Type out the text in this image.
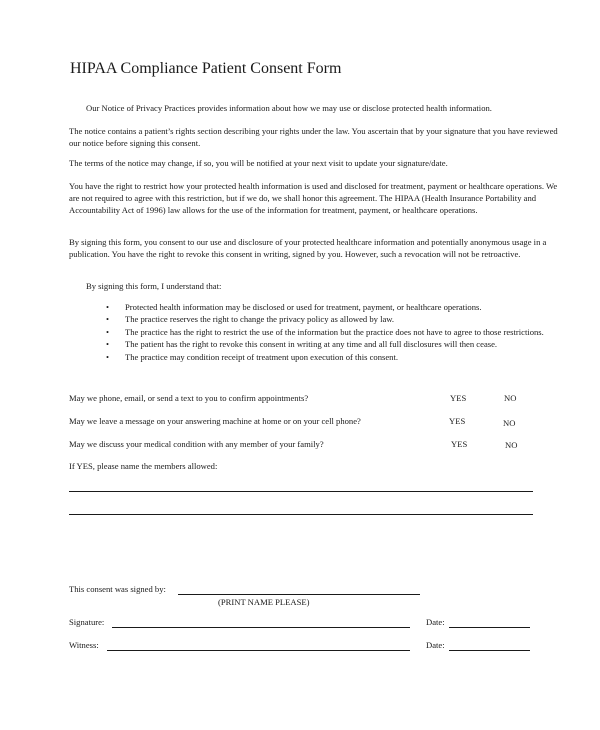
HIPAA Compliance Patient Consent Form
Our Notice of Privacy Practices provides information about how we may use or disclose protected health information.
The notice contains a patient’s rights section describing your rights under the law. You ascertain that by your signature that you have reviewed our notice before signing this consent.
The terms of the notice may change, if so, you will be notified at your next visit to update your signature/date.
You have the right to restrict how your protected health information is used and disclosed for treatment, payment or healthcare operations. We are not required to agree with this restriction, but if we do, we shall honor this agreement. The HIPAA (Health Insurance Portability and Accountability Act of 1996) law allows for the use of the information for treatment, payment, or healthcare operations.
By signing this form, you consent to our use and disclosure of your protected healthcare information and potentially anonymous usage in a publication. You have the right to revoke this consent in writing, signed by you. However, such a revocation will not be retroactive.
By signing this form, I understand that:
• Protected health information may be disclosed or used for treatment, payment, or healthcare operations.
• The practice reserves the right to change the privacy policy as allowed by law.
• The practice has the right to restrict the use of the information but the practice does not have to agree to those restrictions.
• The patient has the right to revoke this consent in writing at any time and all full disclosures will then cease.
• The practice may condition receipt of treatment upon execution of this consent.
May we phone, email, or send a text to you to confirm appointments?	YES	NO
May we leave a message on your answering machine at home or on your cell phone?	YES	NO
May we discuss your medical condition with any member of your family?	YES	NO
If YES, please name the members allowed:
This consent was signed by:
(PRINT NAME PLEASE)
Signature:	Date:
Witness:	Date:
